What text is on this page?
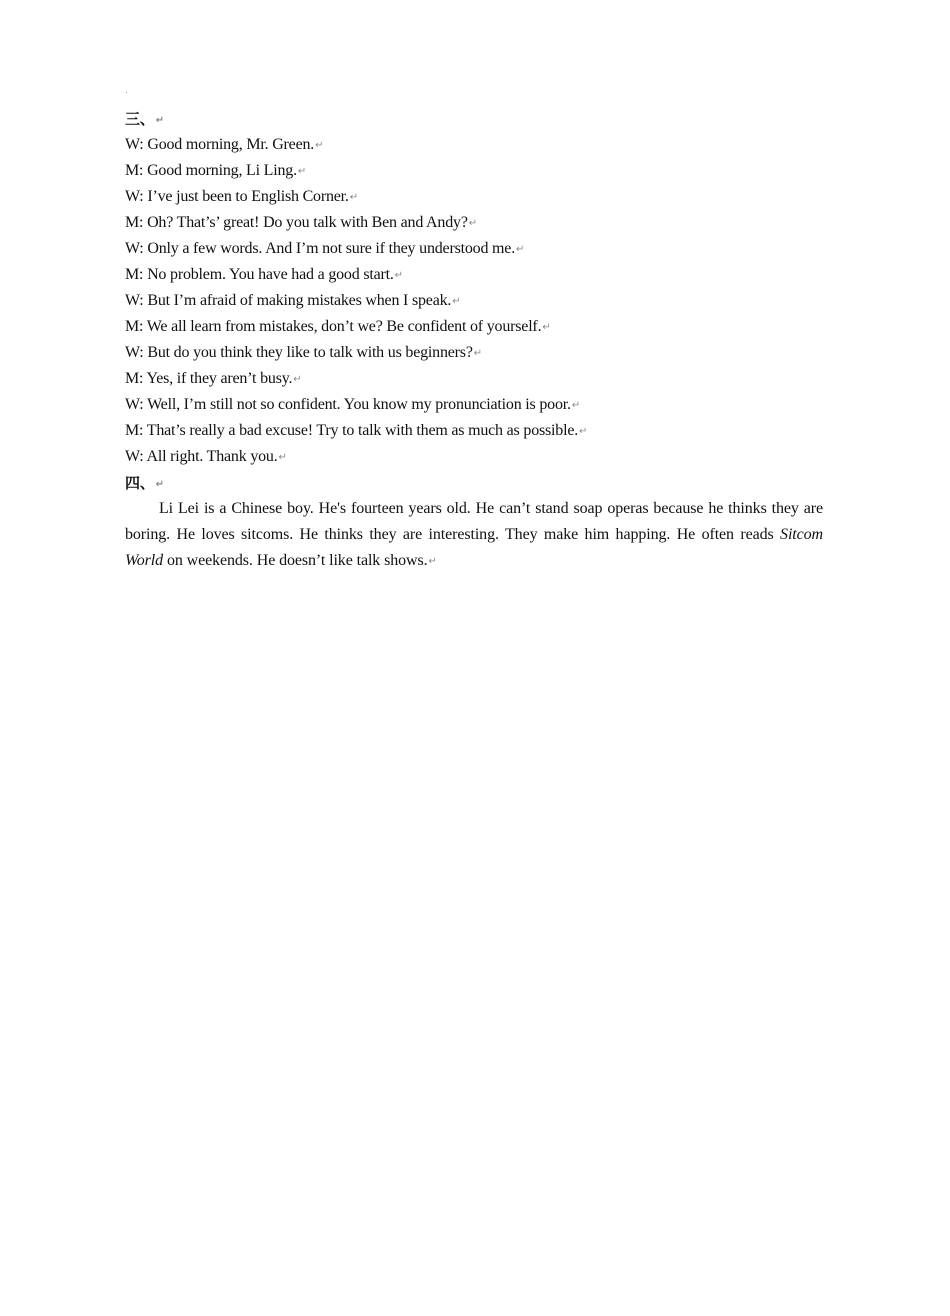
三、↵
W: Good morning, Mr. Green.↵
M: Good morning, Li Ling.↵
W: I’ve just been to English Corner.↵
M: Oh? That’s’ great! Do you talk with Ben and Andy?↵
W: Only a few words. And I’m not sure if they understood me.↵
M: No problem. You have had a good start.↵
W: But I’m afraid of making mistakes when I speak.↵
M: We all learn from mistakes, don’t we? Be confident of yourself.↵
W: But do you think they like to talk with us beginners?↵
M: Yes, if they aren’t busy.↵
W: Well, I’m still not so confident. You know my pronunciation is poor.↵
M: That’s really a bad excuse! Try to talk with them as much as possible.↵
W: All right. Thank you.↵
四、↵
Li Lei is a Chinese boy. He's fourteen years old. He can’t stand soap operas because he thinks they are boring. He loves sitcoms. He thinks they are interesting. They make him happing. He often reads Sitcom World on weekends. He doesn’t like talk shows.↵
